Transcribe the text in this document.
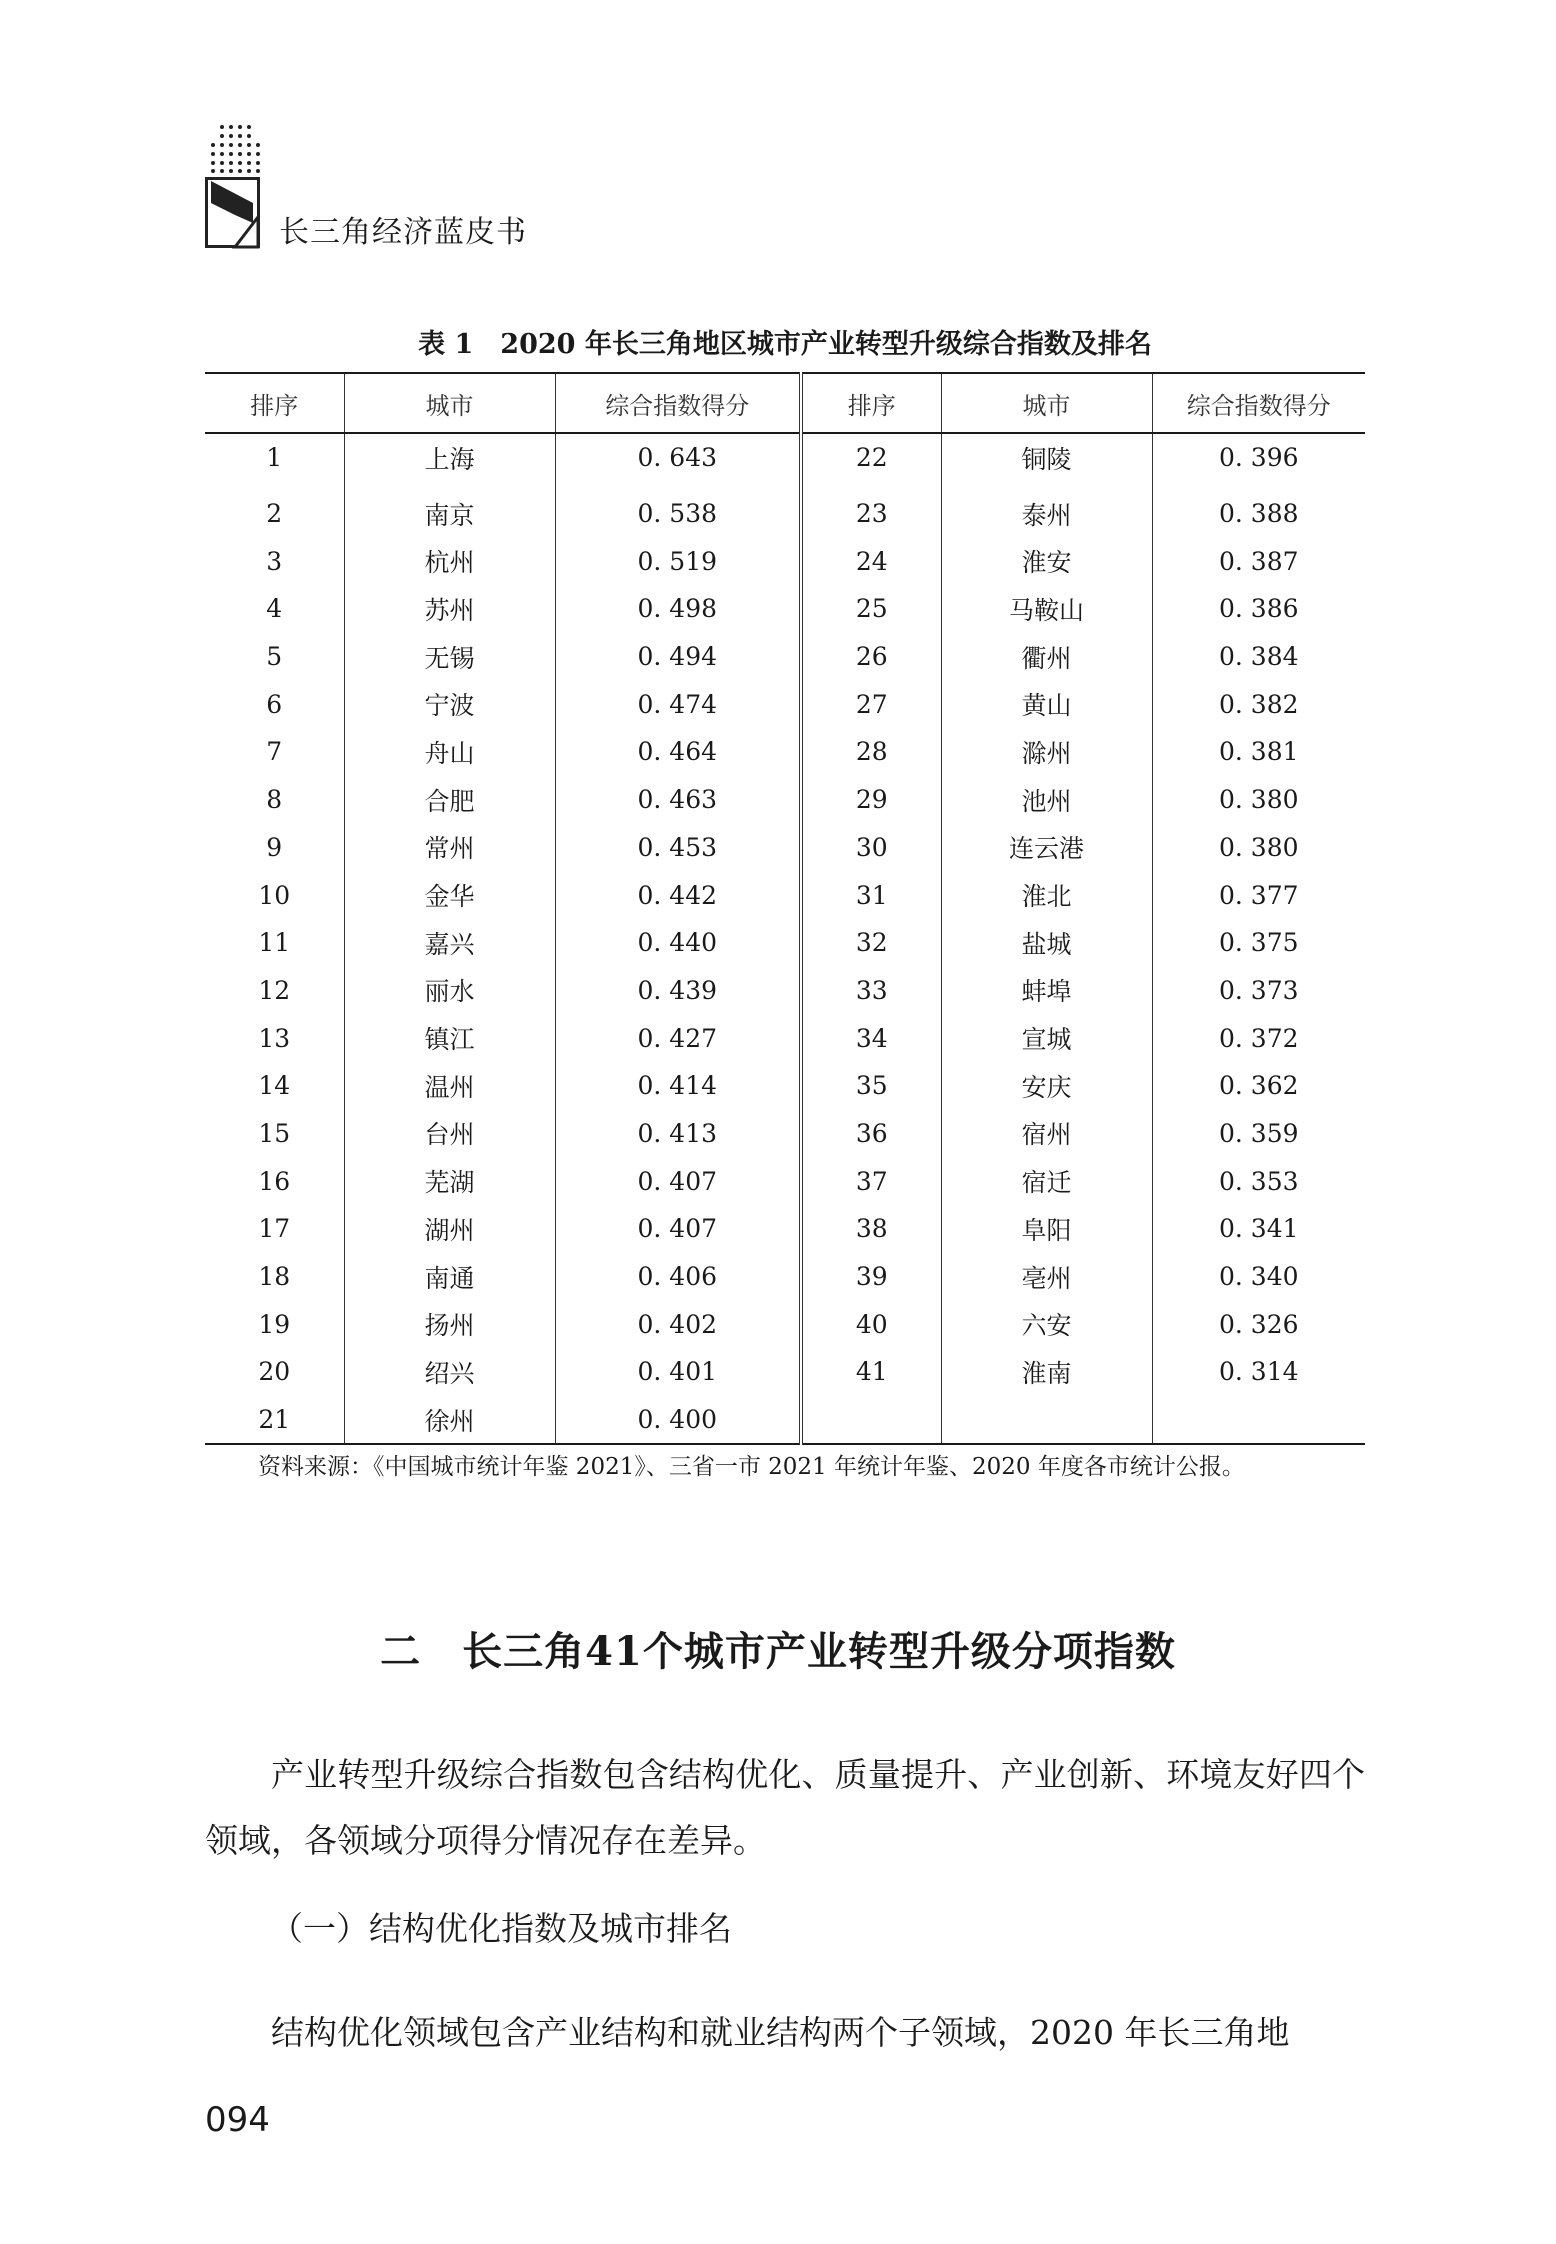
长三角经济蓝皮书
表 1　2020 年长三角地区城市产业转型升级综合指数及排名
排序	城市	综合指数得分	排序	城市	综合指数得分
1	上海	0. 643	22	铜陵	0. 396
2	南京	0. 538	23	泰州	0. 388
3	杭州	0. 519	24	淮安	0. 387
4	苏州	0. 498	25	马鞍山	0. 386
5	无锡	0. 494	26	衢州	0. 384
6	宁波	0. 474	27	黄山	0. 382
7	舟山	0. 464	28	滁州	0. 381
8	合肥	0. 463	29	池州	0. 380
9	常州	0. 453	30	连云港	0. 380
10	金华	0. 442	31	淮北	0. 377
11	嘉兴	0. 440	32	盐城	0. 375
12	丽水	0. 439	33	蚌埠	0. 373
13	镇江	0. 427	34	宣城	0. 372
14	温州	0. 414	35	安庆	0. 362
15	台州	0. 413	36	宿州	0. 359
16	芜湖	0. 407	37	宿迁	0. 353
17	湖州	0. 407	38	阜阳	0. 341
18	南通	0. 406	39	亳州	0. 340
19	扬州	0. 402	40	六安	0. 326
20	绍兴	0. 401	41	淮南	0. 314
21	徐州	0. 400			
资料来源：《中国城市统计年鉴 2021》、三省一市 2021 年统计年鉴、2020 年度各市统计公报。
二　长三角41个城市产业转型升级分项指数

产业转型升级综合指数包含结构优化、质量提升、产业创新、环境友好四个领域，各领域分项得分情况存在差异。

（一）结构优化指数及城市排名

结构优化领域包含产业结构和就业结构两个子领域，2020 年长三角地

094
